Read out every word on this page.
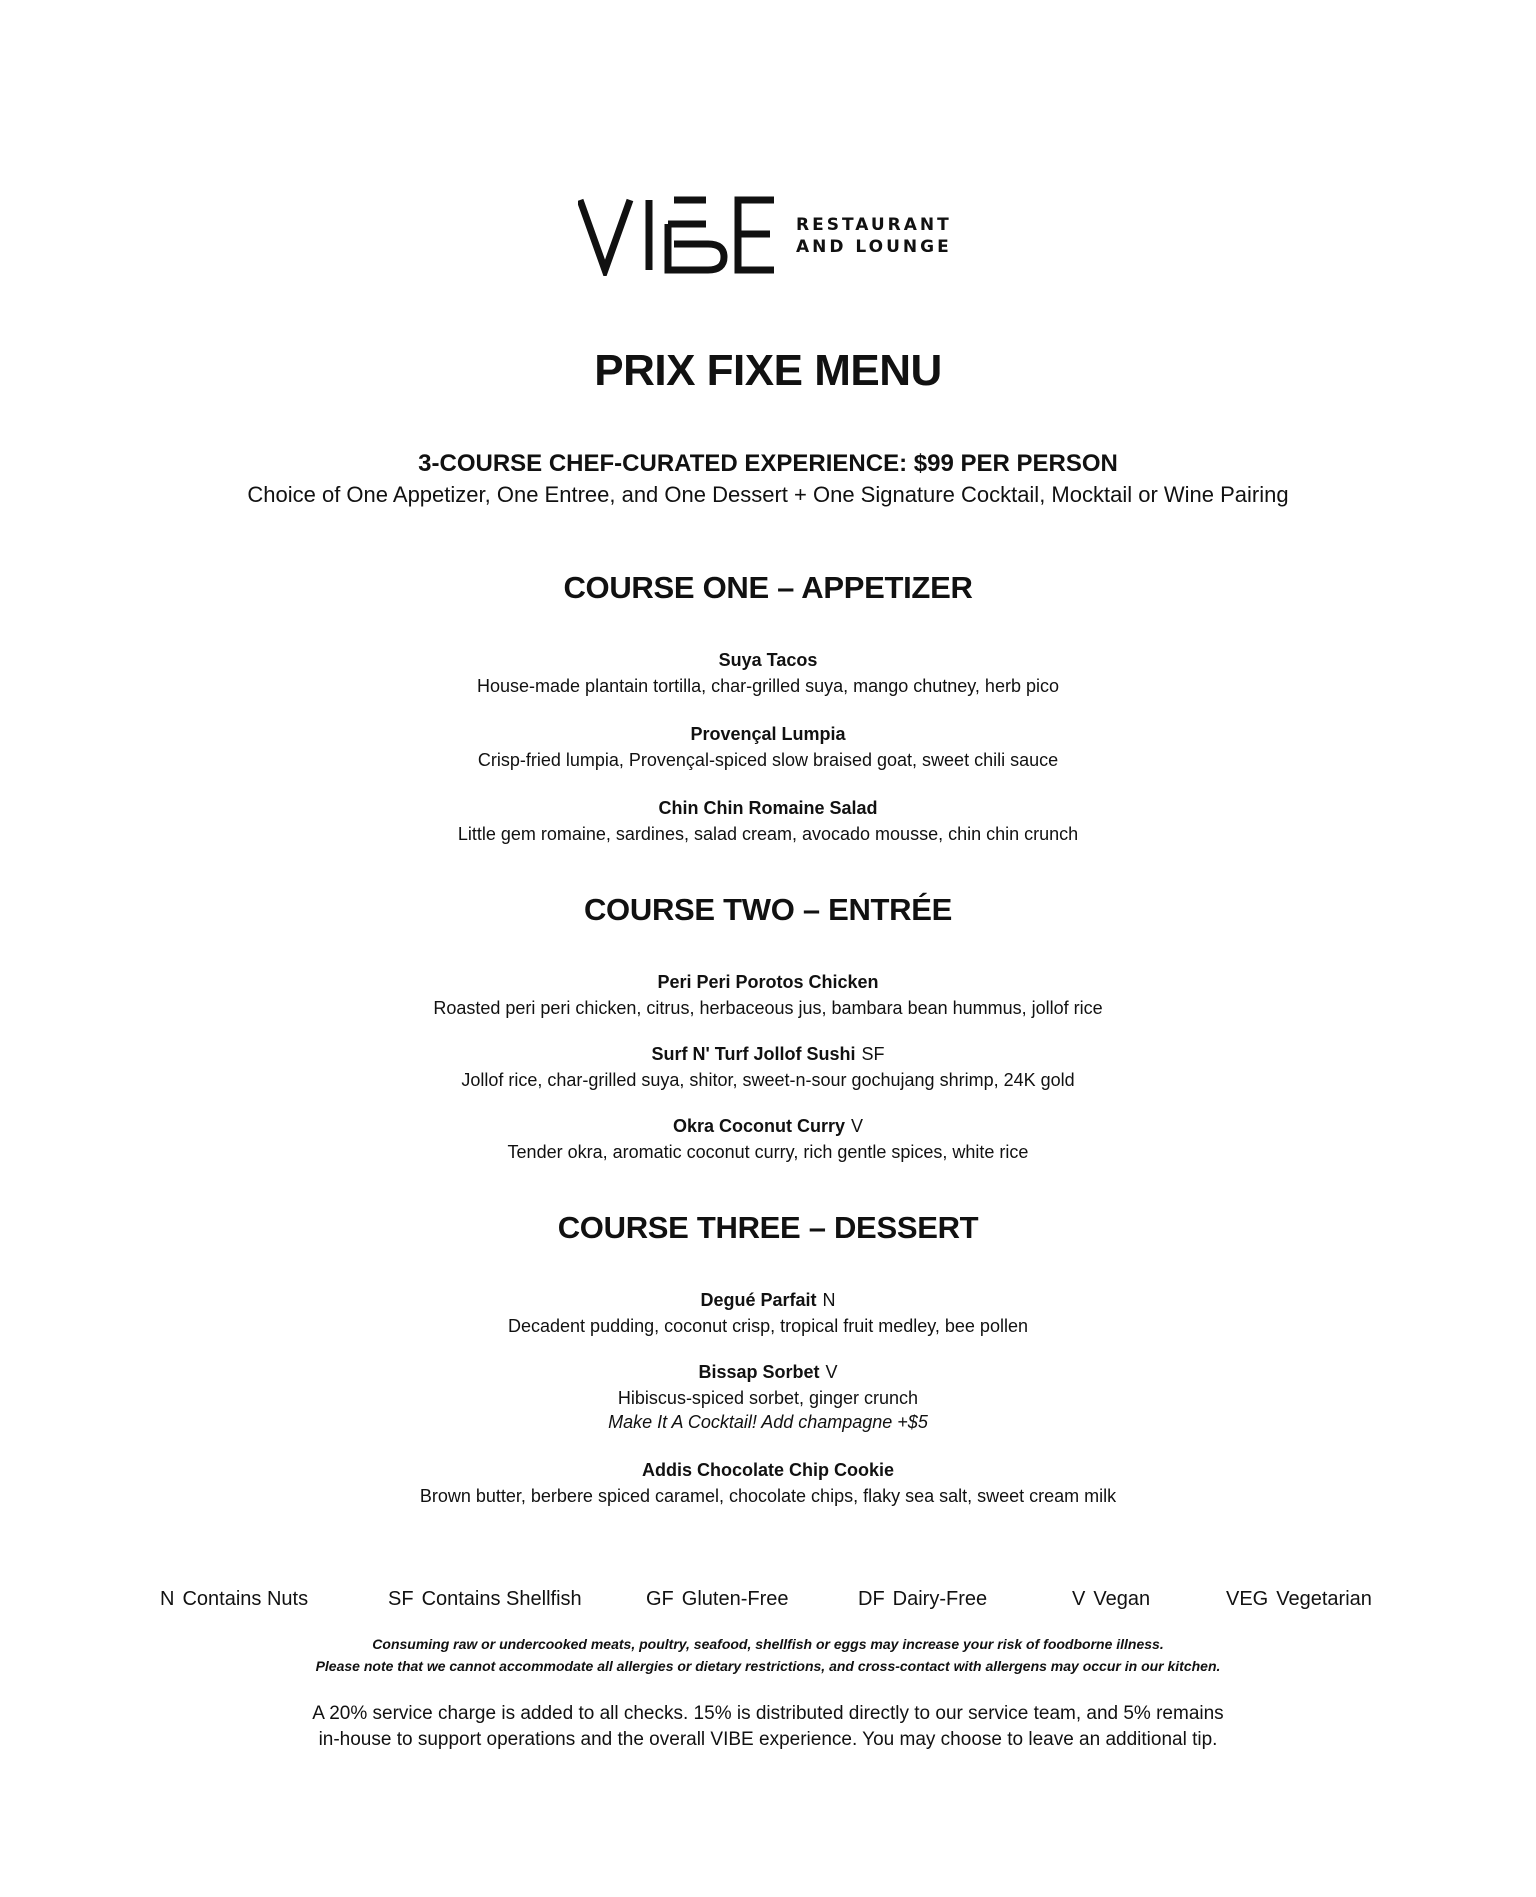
RESTAURANT
AND LOUNGE
PRIX FIXE MENU
3-COURSE CHEF-CURATED EXPERIENCE: $99 PER PERSON
Choice of One Appetizer, One Entree, and One Dessert + One Signature Cocktail, Mocktail or Wine Pairing
COURSE ONE – APPETIZER
Suya Tacos
House-made plantain tortilla, char-grilled suya, mango chutney, herb pico
Provençal Lumpia
Crisp-fried lumpia, Provençal-spiced slow braised goat, sweet chili sauce
Chin Chin Romaine Salad
Little gem romaine, sardines, salad cream, avocado mousse, chin chin crunch
COURSE TWO – ENTRÉE
Peri Peri Porotos Chicken
Roasted peri peri chicken, citrus, herbaceous jus, bambara bean hummus, jollof rice
Surf N' Turf Jollof Sushi SF
Jollof rice, char-grilled suya, shitor, sweet-n-sour gochujang shrimp, 24K gold
Okra Coconut Curry V
Tender okra, aromatic coconut curry, rich gentle spices, white rice
COURSE THREE – DESSERT
Degué Parfait N
Decadent pudding, coconut crisp, tropical fruit medley, bee pollen
Bissap Sorbet V
Hibiscus-spiced sorbet, ginger crunch
Make It A Cocktail! Add champagne +$5
Addis Chocolate Chip Cookie
Brown butter, berbere spiced caramel, chocolate chips, flaky sea salt, sweet cream milk
N Contains Nuts	SF Contains Shellfish	GF Gluten-Free	DF Dairy-Free	V Vegan	VEG Vegetarian
Consuming raw or undercooked meats, poultry, seafood, shellfish or eggs may increase your risk of foodborne illness.
Please note that we cannot accommodate all allergies or dietary restrictions, and cross-contact with allergens may occur in our kitchen.
A 20% service charge is added to all checks. 15% is distributed directly to our service team, and 5% remains
in-house to support operations and the overall VIBE experience. You may choose to leave an additional tip.
